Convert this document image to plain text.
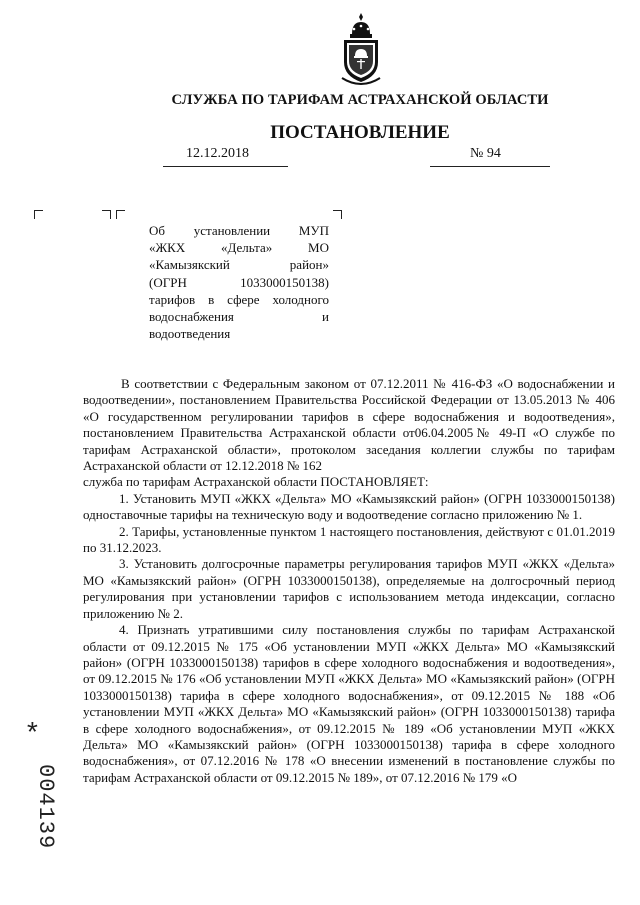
СЛУЖБА ПО ТАРИФАМ АСТРАХАНСКОЙ ОБЛАСТИ
ПОСТАНОВЛЕНИЕ
12.12.2018	№ 94
Об установлении МУП
«ЖКХ «Дельта» МО
«Камызякский район»
(ОГРН 1033000150138)
тарифов в сфере холодного
водоснабжения и
водоотведения

В соответствии с Федеральным законом от 07.12.2011 № 416-ФЗ «О водоснабжении и водоотведении», постановлением Правительства Российской Федерации от 13.05.2013 № 406 «О государственном регулировании тарифов в сфере водоснабжения и водоотведения», постановлением Правительства Астраханской области от06.04.2005№ 49-П «О службе по тарифам Астраханской области», протоколом заседания коллегии службы по тарифам Астраханской области от 12.12.2018 № 162

служба по тарифам Астраханской области ПОСТАНОВЛЯЕТ:

1. Установить МУП «ЖКХ «Дельта» МО «Камызякский район» (ОГРН 1033000150138) одноставочные тарифы на техническую воду и водоотведение согласно приложению № 1.

2. Тарифы, установленные пунктом 1 настоящего постановления, действуют с 01.01.2019 по 31.12.2023.

3. Установить долгосрочные параметры регулирования тарифов МУП «ЖКХ «Дельта» МО «Камызякский район» (ОГРН 1033000150138), определяемые на долгосрочный период регулирования при установлении тарифов с использованием метода индексации, согласно приложению № 2.

4. Признать утратившими силу постановления службы по тарифам Астраханской области от 09.12.2015 № 175 «Об установлении МУП «ЖКХ Дельта» МО «Камызякский район» (ОГРН 1033000150138) тарифов в сфере холодного водоснабжения и водоотведения», от 09.12.2015 № 176 «Об установлении МУП «ЖКХ Дельта» МО «Камызякский район» (ОГРН 1033000150138) тарифа в сфере холодного водоснабжения», от 09.12.2015 № 188 «Об установлении МУП «ЖКХ Дельта» МО «Камызякский район» (ОГРН 1033000150138) тарифа в сфере холодного водоснабжения», от 09.12.2015 № 189 «Об установлении МУП «ЖКХ Дельта» МО «Камызякский район» (ОГРН 1033000150138) тарифа в сфере холодного водоснабжения», от 07.12.2016 № 178 «О внесении изменений в постановление службы по тарифам Астраханской области от 09.12.2015 № 189», от 07.12.2016 № 179 «О

*
004139
